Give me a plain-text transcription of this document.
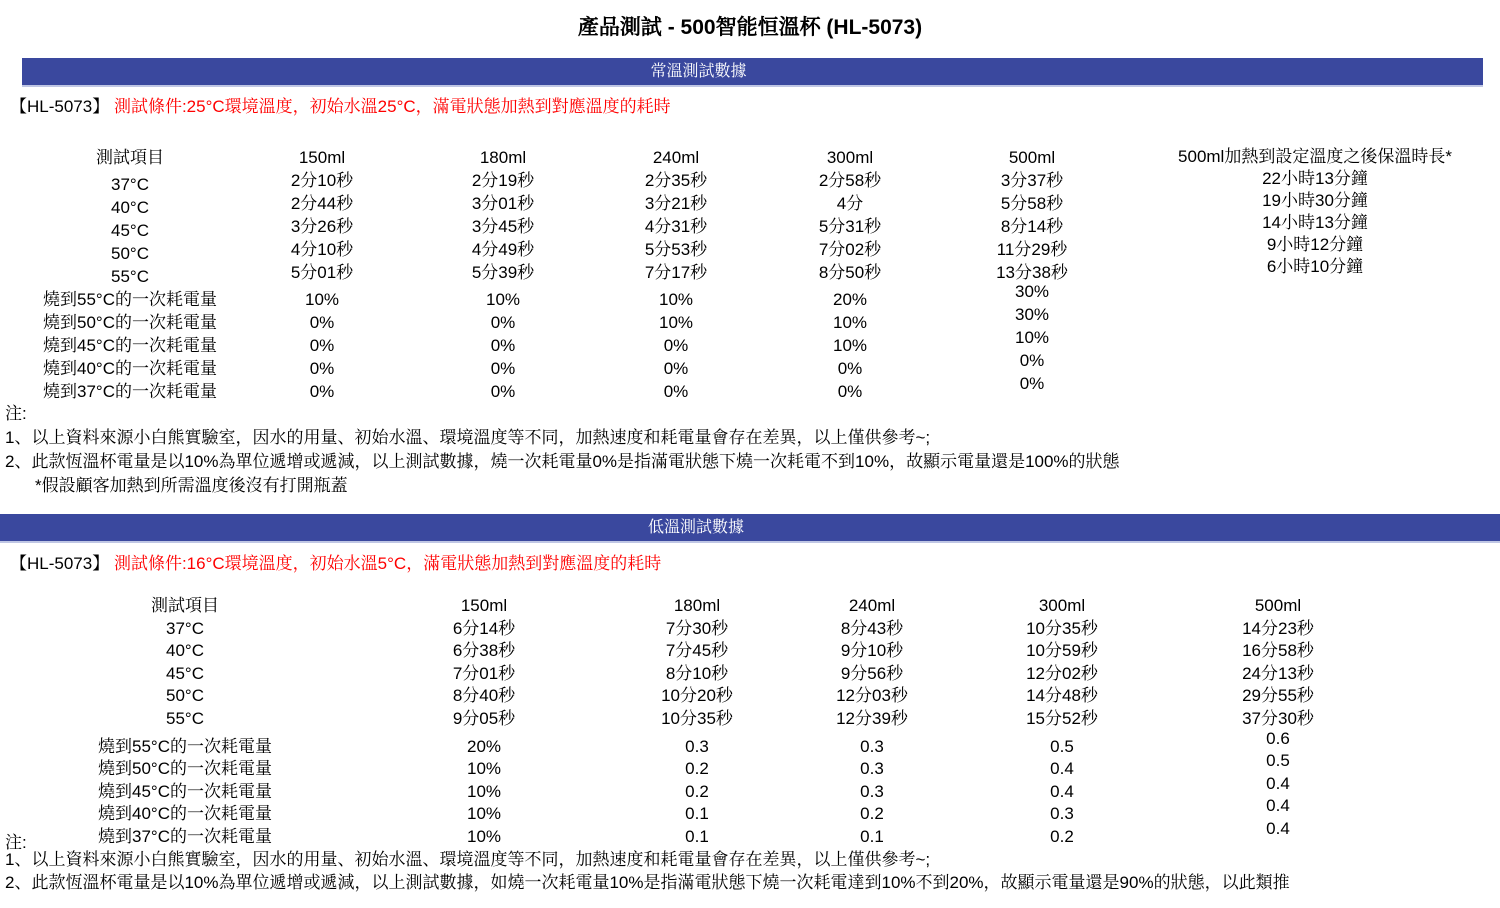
產品測試 - 500智能恒溫杯 (HL-5073)
常溫測試數據
【HL-5073】 測試條件:25°C環境溫度，初始水溫25°C，滿電狀態加熱到對應溫度的耗時
測試項目
37°C
40°C
45°C
50°C
55°C
燒到55°C的一次耗電量
燒到50°C的一次耗電量
燒到45°C的一次耗電量
燒到40°C的一次耗電量
燒到37°C的一次耗電量
150ml
2分10秒
2分44秒
3分26秒
4分10秒
5分01秒
10%
0%
0%
0%
0%
180ml
2分19秒
3分01秒
3分45秒
4分49秒
5分39秒
10%
0%
0%
0%
0%
240ml
2分35秒
3分21秒
4分31秒
5分53秒
7分17秒
10%
10%
0%
0%
0%
300ml
2分58秒
4分
5分31秒
7分02秒
8分50秒
20%
10%
10%
0%
0%
500ml
3分37秒
5分58秒
8分14秒
11分29秒
13分38秒
30%
30%
10%
0%
0%
500ml加熱到設定溫度之後保溫時長*
22小時13分鐘
19小時30分鐘
14小時13分鐘
9小時12分鐘
6小時10分鐘
注:
1、以上資料來源小白熊實驗室，因水的用量、初始水溫、環境溫度等不同，加熱速度和耗電量會存在差異，以上僅供參考~;
2、此款恆溫杯電量是以10%為單位遞增或遞減，以上測試數據，燒一次耗電量0%是指滿電狀態下燒一次耗電不到10%，故顯示電量還是100%的狀態
*假設顧客加熱到所需溫度後沒有打開瓶蓋
低溫測試數據
【HL-5073】 測試條件:16°C環境溫度，初始水溫5°C，滿電狀態加熱到對應溫度的耗時
測試項目
37°C
40°C
45°C
50°C
55°C
燒到55°C的一次耗電量
燒到50°C的一次耗電量
燒到45°C的一次耗電量
燒到40°C的一次耗電量
燒到37°C的一次耗電量
150ml
6分14秒
6分38秒
7分01秒
8分40秒
9分05秒
20%
10%
10%
10%
10%
180ml
7分30秒
7分45秒
8分10秒
10分20秒
10分35秒
0.3
0.2
0.2
0.1
0.1
240ml
8分43秒
9分10秒
9分56秒
12分03秒
12分39秒
0.3
0.3
0.3
0.2
0.1
300ml
10分35秒
10分59秒
12分02秒
14分48秒
15分52秒
0.5
0.4
0.4
0.3
0.2
500ml
14分23秒
16分58秒
24分13秒
29分55秒
37分30秒
0.6
0.5
0.4
0.4
0.4
注:
1、以上資料來源小白熊實驗室，因水的用量、初始水溫、環境溫度等不同，加熱速度和耗電量會存在差異，以上僅供參考~;
2、此款恆溫杯電量是以10%為單位遞增或遞減，以上測試數據，如燒一次耗電量10%是指滿電狀態下燒一次耗電達到10%不到20%，故顯示電量還是90%的狀態，以此類推
